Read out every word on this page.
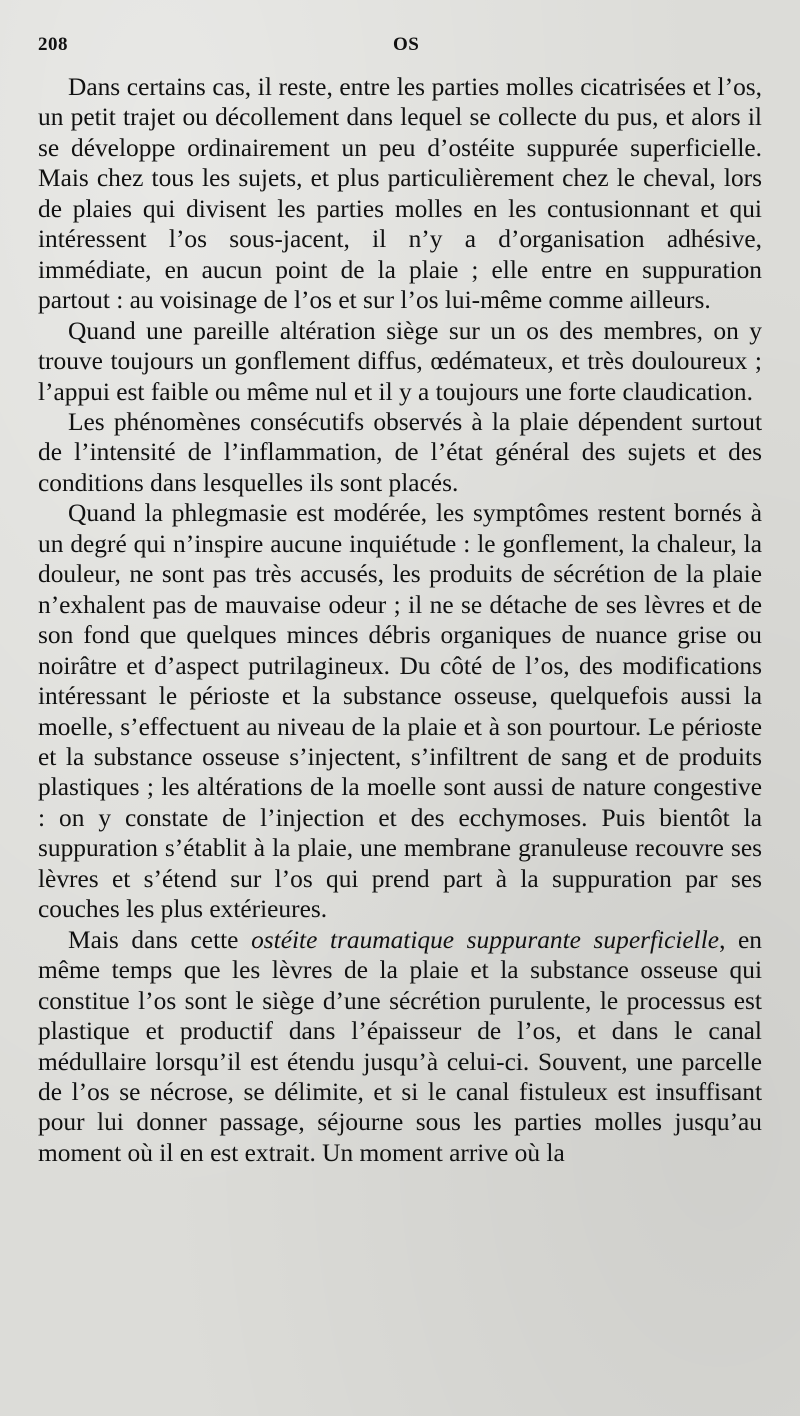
208	OS

Dans certains cas, il reste, entre les parties molles cicatrisées et l’os, un petit trajet ou décollement dans lequel se collecte du pus, et alors il se développe ordinairement un peu d’ostéite suppurée superficielle. Mais chez tous les sujets, et plus particulièrement chez le cheval, lors de plaies qui divisent les parties molles en les contusionnant et qui intéressent l’os sous-jacent, il n’y a d’organisation adhésive, immédiate, en aucun point de la plaie ; elle entre en suppuration partout : au voisinage de l’os et sur l’os lui-même comme ailleurs.

Quand une pareille altération siège sur un os des membres, on y trouve toujours un gonflement diffus, œdémateux, et très douloureux ; l’appui est faible ou même nul et il y a toujours une forte claudication.

Les phénomènes consécutifs observés à la plaie dépendent surtout de l’intensité de l’inflammation, de l’état général des sujets et des conditions dans lesquelles ils sont placés.

Quand la phlegmasie est modérée, les symptômes restent bornés à un degré qui n’inspire aucune inquiétude : le gonflement, la chaleur, la douleur, ne sont pas très accusés, les produits de sécrétion de la plaie n’exhalent pas de mauvaise odeur ; il ne se détache de ses lèvres et de son fond que quelques minces débris organiques de nuance grise ou noirâtre et d’aspect putrilagineux. Du côté de l’os, des modifications intéressant le périoste et la substance osseuse, quelquefois aussi la moelle, s’effectuent au niveau de la plaie et à son pourtour. Le périoste et la substance osseuse s’injectent, s’infiltrent de sang et de produits plastiques ; les altérations de la moelle sont aussi de nature congestive : on y constate de l’injection et des ecchymoses. Puis bientôt la suppuration s’établit à la plaie, une membrane granuleuse recouvre ses lèvres et s’étend sur l’os qui prend part à la suppuration par ses couches les plus extérieures.

Mais dans cette ostéite traumatique suppurante superficielle, en même temps que les lèvres de la plaie et la substance osseuse qui constitue l’os sont le siège d’une sécrétion purulente, le processus est plastique et productif dans l’épaisseur de l’os, et dans le canal médullaire lorsqu’il est étendu jusqu’à celui-ci. Souvent, une parcelle de l’os se nécrose, se délimite, et si le canal fistuleux est insuffisant pour lui donner passage, séjourne sous les parties molles jusqu’au moment où il en est extrait. Un moment arrive où la
